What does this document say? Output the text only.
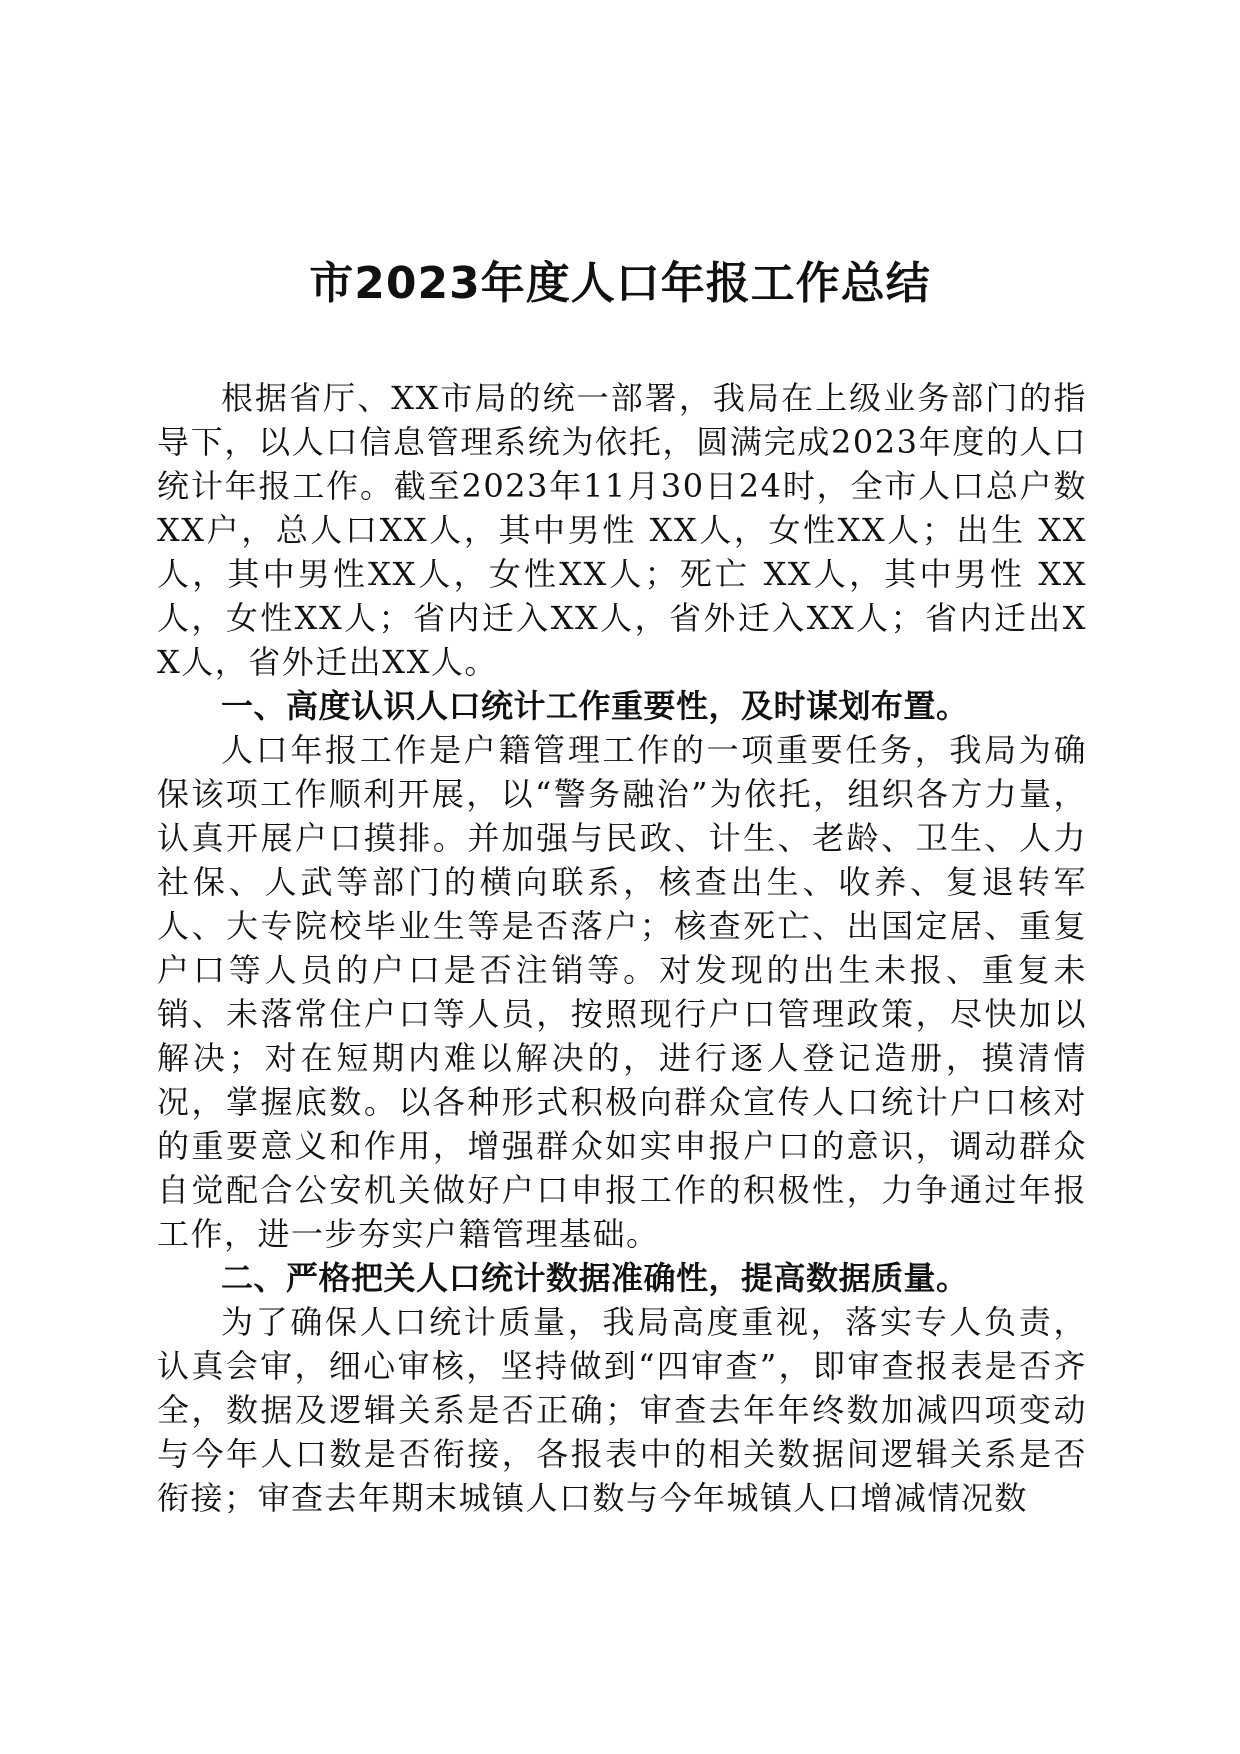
市2023年度人口年报工作总结

根据省厅、XX市局的统一部署，我局在上级业务部门的指导下，以人口信息管理系统为依托，圆满完成2023年度的人口统计年报工作。截至2023年11月30日24时，全市人口总户数XX户，总人口XX人，其中男性 XX人，女性XX人；出生 XX人，其中男性XX人，女性XX人；死亡 XX人，其中男性 XX人，女性XX人；省内迁入XX人，省外迁入XX人；省内迁出XX人，省外迁出XX人。

一、高度认识人口统计工作重要性，及时谋划布置。

人口年报工作是户籍管理工作的一项重要任务，我局为确保该项工作顺利开展，以“警务融治”为依托，组织各方力量，认真开展户口摸排。并加强与民政、计生、老龄、卫生、人力社保、人武等部门的横向联系，核查出生、收养、复退转军人、大专院校毕业生等是否落户；核查死亡、出国定居、重复户口等人员的户口是否注销等。对发现的出生未报、重复未销、未落常住户口等人员，按照现行户口管理政策，尽快加以解决；对在短期内难以解决的，进行逐人登记造册，摸清情况，掌握底数。以各种形式积极向群众宣传人口统计户口核对的重要意义和作用，增强群众如实申报户口的意识，调动群众自觉配合公安机关做好户口申报工作的积极性，力争通过年报工作，进一步夯实户籍管理基础。

二、严格把关人口统计数据准确性，提高数据质量。

为了确保人口统计质量，我局高度重视，落实专人负责，认真会审，细心审核，坚持做到“四审查”，即审查报表是否齐全，数据及逻辑关系是否正确；审查去年年终数加减四项变动与今年人口数是否衔接，各报表中的相关数据间逻辑关系是否衔接；审查去年期末城镇人口数与今年城镇人口增减情况数
